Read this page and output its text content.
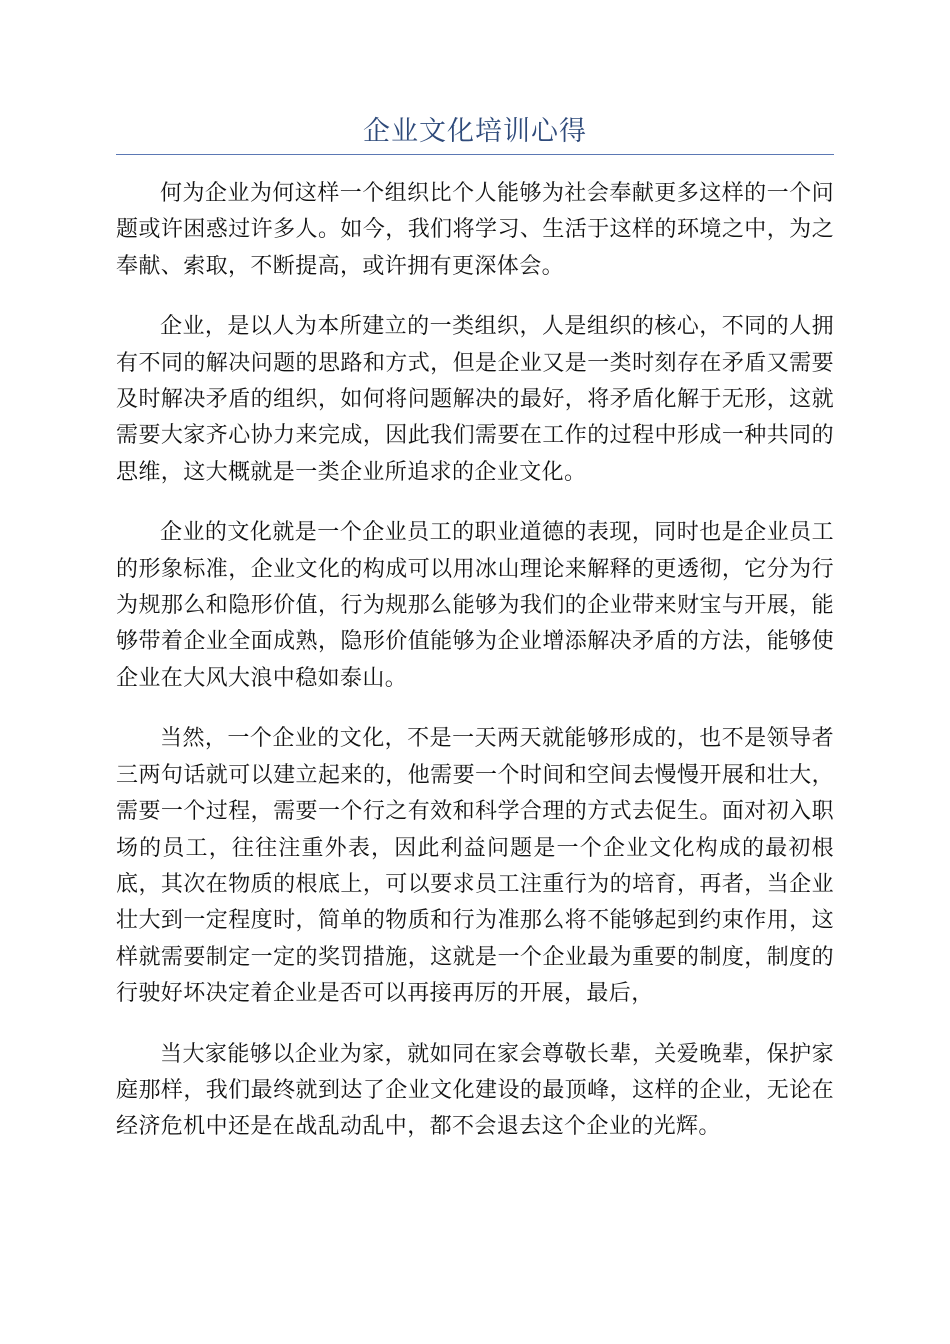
企业文化培训心得

何为企业为何这样一个组织比个人能够为社会奉献更多这样的一个问题或许困惑过许多人。如今，我们将学习、生活于这样的环境之中，为之奉献、索取，不断提高，或许拥有更深体会。

企业，是以人为本所建立的一类组织，人是组织的核心，不同的人拥有不同的解决问题的思路和方式，但是企业又是一类时刻存在矛盾又需要及时解决矛盾的组织，如何将问题解决的最好，将矛盾化解于无形，这就需要大家齐心协力来完成，因此我们需要在工作的过程中形成一种共同的思维，这大概就是一类企业所追求的企业文化。

企业的文化就是一个企业员工的职业道德的表现，同时也是企业员工的形象标准，企业文化的构成可以用冰山理论来解释的更透彻，它分为行为规那么和隐形价值，行为规那么能够为我们的企业带来财宝与开展，能够带着企业全面成熟，隐形价值能够为企业增添解决矛盾的方法，能够使企业在大风大浪中稳如泰山。

当然，一个企业的文化，不是一天两天就能够形成的，也不是领导者三两句话就可以建立起来的，他需要一个时间和空间去慢慢开展和壮大，需要一个过程，需要一个行之有效和科学合理的方式去促生。面对初入职场的员工，往往注重外表，因此利益问题是一个企业文化构成的最初根底，其次在物质的根底上，可以要求员工注重行为的培育，再者，当企业壮大到一定程度时，简单的物质和行为准那么将不能够起到约束作用，这样就需要制定一定的奖罚措施，这就是一个企业最为重要的制度，制度的行驶好坏决定着企业是否可以再接再厉的开展，最后，

当大家能够以企业为家，就如同在家会尊敬长辈，关爱晚辈，保护家庭那样，我们最终就到达了企业文化建设的最顶峰，这样的企业，无论在经济危机中还是在战乱动乱中，都不会退去这个企业的光辉。
